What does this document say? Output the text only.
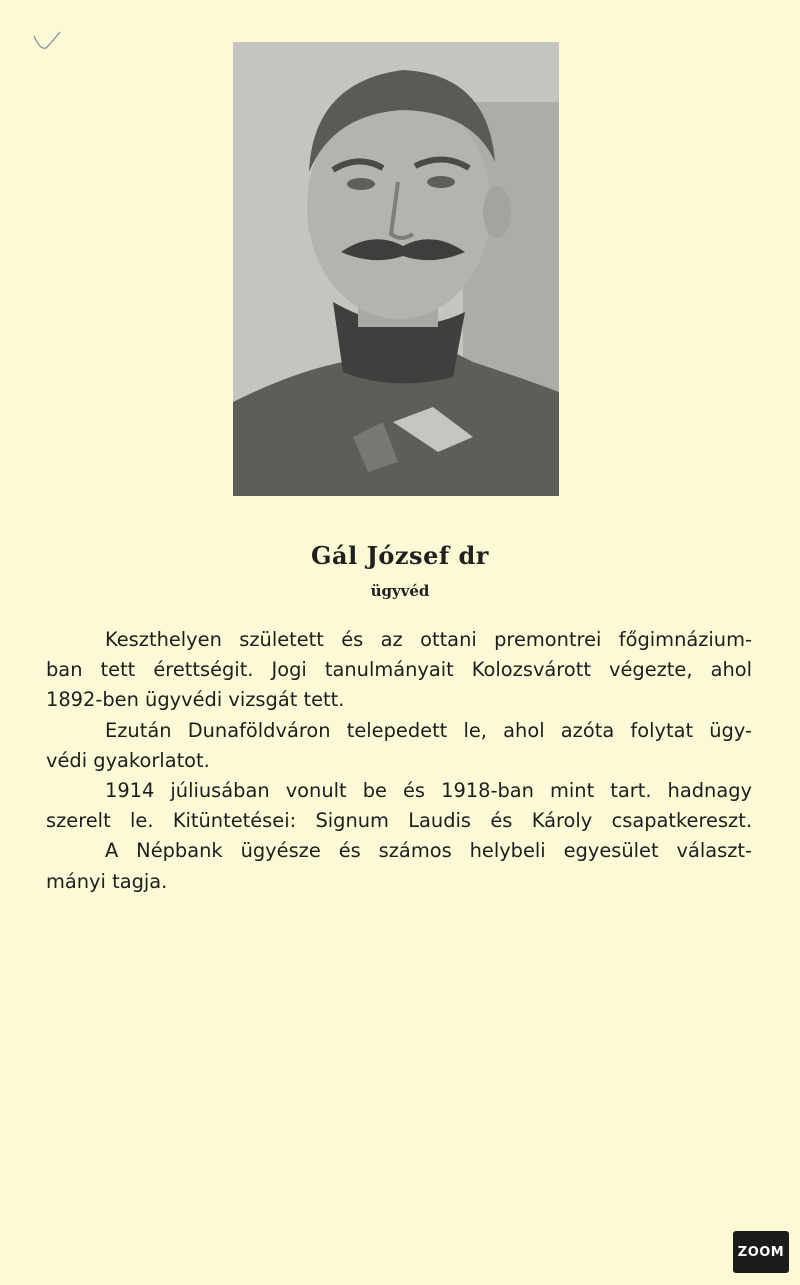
Gál József dr
ügyvéd
Keszthelyen született és az ottani premontrei főgimnázium-
ban tett érettségit. Jogi tanulmányait Kolozsvárott végezte, ahol
1892-ben ügyvédi vizsgát tett.
Ezután Dunaföldváron telepedett le, ahol azóta folytat ügy-
védi gyakorlatot.
1914 júliusában vonult be és 1918-ban mint tart. hadnagy
szerelt le. Kitüntetései: Signum Laudis és Károly csapatkereszt.
A Népbank ügyésze és számos helybeli egyesület választ-
mányi tagja.
ZOOM
